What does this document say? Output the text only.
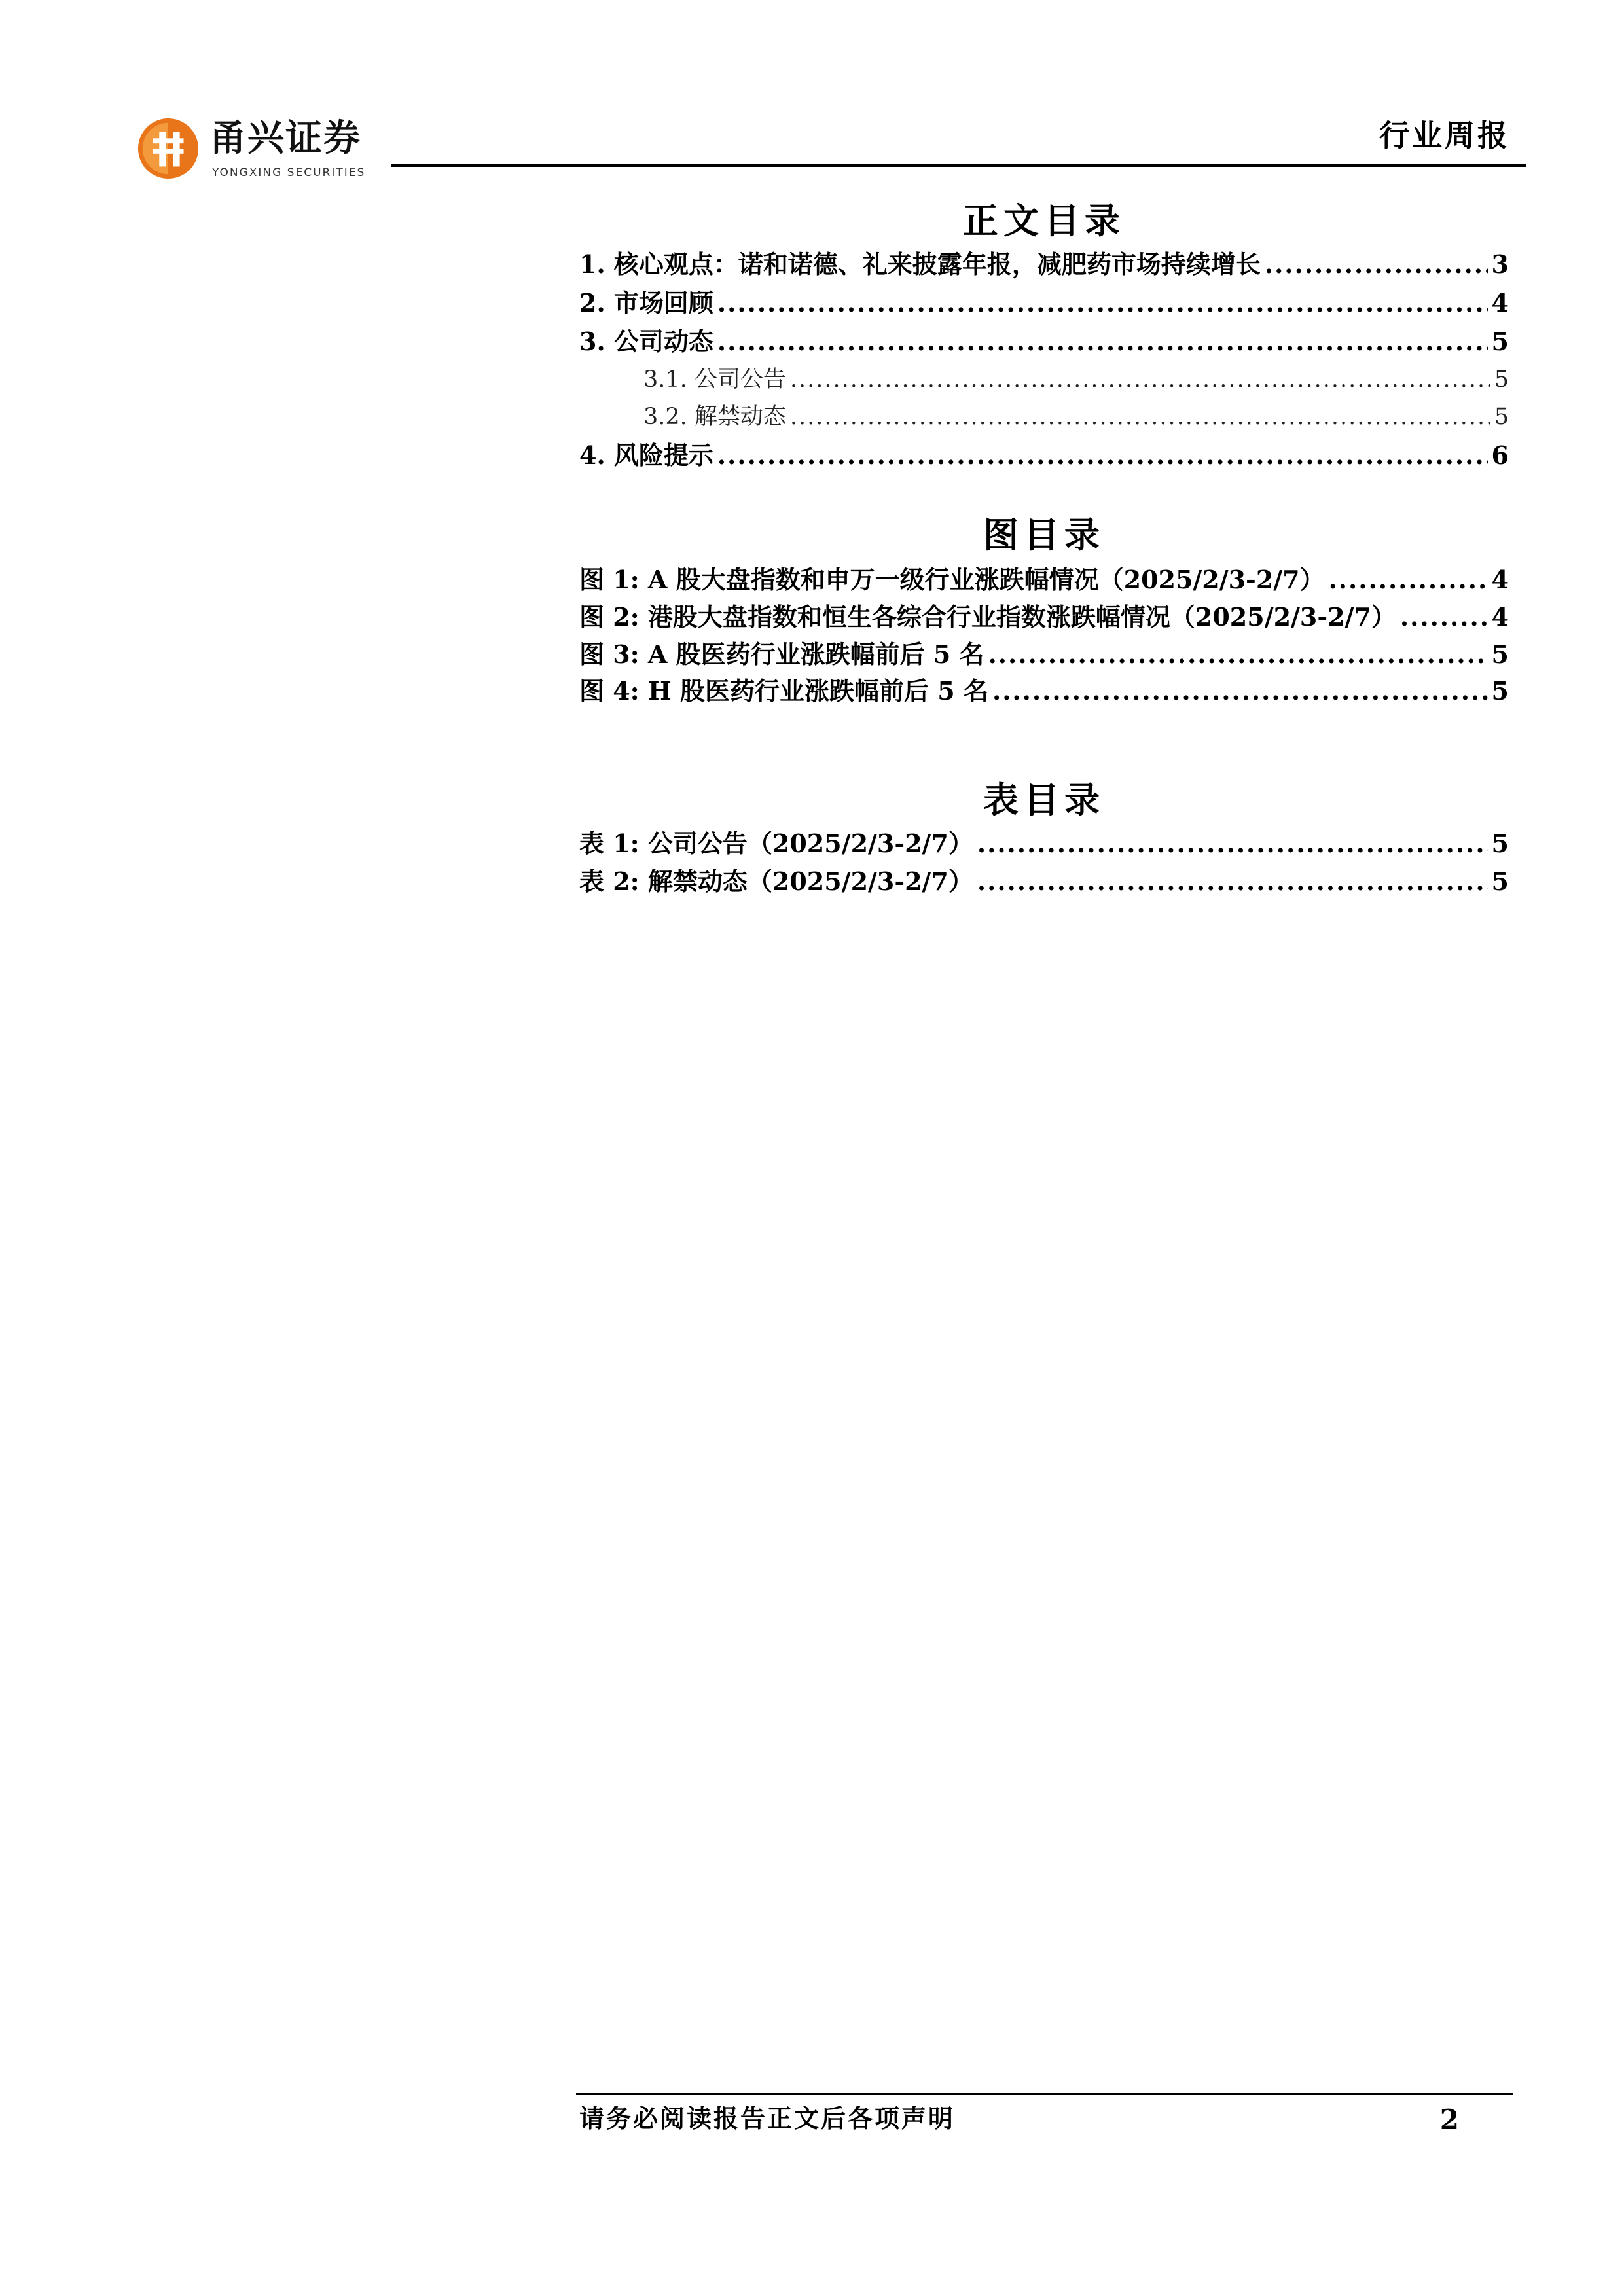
甬兴证券
YONGXING SECURITIES
行业周报
正文目录
1. 核心观点：诺和诺德、礼来披露年报，减肥药市场持续增长 .....	3
2. 市场回顾 .....	4
3. 公司动态 .....	5
3.1. 公司公告 .....	5
3.2. 解禁动态 .....	5
4. 风险提示 .....	6
图目录
图 1: A 股大盘指数和申万一级行业涨跌幅情况（2025/2/3-2/7） .....	4
图 2: 港股大盘指数和恒生各综合行业指数涨跌幅情况（2025/2/3-2/7） .....	4
图 3: A 股医药行业涨跌幅前后 5 名 .....	5
图 4: H 股医药行业涨跌幅前后 5 名 .....	5
表目录
表 1: 公司公告（2025/2/3-2/7） .....	5
表 2: 解禁动态（2025/2/3-2/7） .....	5
请务必阅读报告正文后各项声明	2
